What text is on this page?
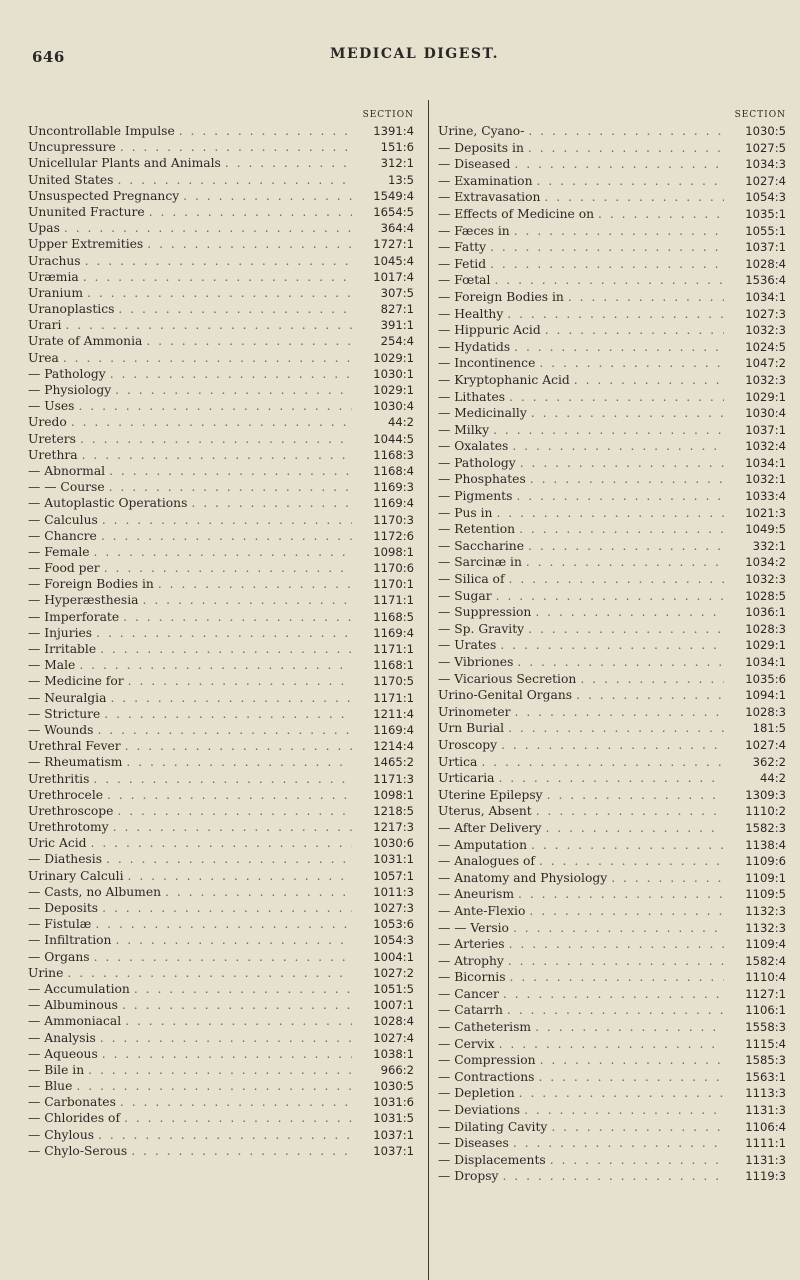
646	MEDICAL DIGEST.
SECTION
Uncontrollable Impulse . . .	1391:4
Uncupressure . . .	151:6
Unicellular Plants and Animals . . .	312:1
United States . . .	13:5
Unsuspected Pregnancy . . .	1549:4
Ununited Fracture . . .	1654:5
Upas . . .	364:4
Upper Extremities . . .	1727:1
Urachus . . .	1045:4
Uræmia . . .	1017:4
Uranium . . .	307:5
Uranoplastics . . .	827:1
Urari . . .	391:1
Urate of Ammonia . . .	254:4
Urea . . .	1029:1
— Pathology . . .	1030:1
— Physiology . . .	1029:1
— Uses . . .	1030:4
Uredo . . .	44:2
Ureters . . .	1044:5
Urethra . . .	1168:3
— Abnormal . . .	1168:4
— — Course . . .	1169:3
— Autoplastic Operations . . .	1169:4
— Calculus . . .	1170:3
— Chancre . . .	1172:6
— Female . . .	1098:1
— Food per . . .	1170:6
— Foreign Bodies in . . .	1170:1
— Hyperæsthesia . . .	1171:1
— Imperforate . . .	1168:5
— Injuries . . .	1169:4
— Irritable . . .	1171:1
— Male . . .	1168:1
— Medicine for . . .	1170:5
— Neuralgia . . .	1171:1
— Stricture . . .	1211:4
— Wounds . . .	1169:4
Urethral Fever . . .	1214:4
— Rheumatism . . .	1465:2
Urethritis . . .	1171:3
Urethrocele . . .	1098:1
Urethroscope . . .	1218:5
Urethrotomy . . .	1217:3
Uric Acid . . .	1030:6
— Diathesis . . .	1031:1
Urinary Calculi . . .	1057:1
— Casts, no Albumen . . .	1011:3
— Deposits . . .	1027:3
— Fistulæ . . .	1053:6
— Infiltration . . .	1054:3
— Organs . . .	1004:1
Urine . . .	1027:2
— Accumulation . . .	1051:5
— Albuminous . . .	1007:1
— Ammoniacal . . .	1028:4
— Analysis . . .	1027:4
— Aqueous . . .	1038:1
— Bile in . . .	966:2
— Blue . . .	1030:5
— Carbonates . . .	1031:6
— Chlorides of . . .	1031:5
— Chylous . . .	1037:1
— Chylo-Serous . . .	1037:1
SECTION
Urine, Cyano- . . .	1030:5
— Deposits in . . .	1027:5
— Diseased . . .	1034:3
— Examination . . .	1027:4
— Extravasation . . .	1054:3
— Effects of Medicine on . . .	1035:1
— Fæces in . . .	1055:1
— Fatty . . .	1037:1
— Fetid . . .	1028:4
— Fœtal . . .	1536:4
— Foreign Bodies in . . .	1034:1
— Healthy . . .	1027:3
— Hippuric Acid . . .	1032:3
— Hydatids . . .	1024:5
— Incontinence . . .	1047:2
— Kryptophanic Acid . . .	1032:3
— Lithates . . .	1029:1
— Medicinally . . .	1030:4
— Milky . . .	1037:1
— Oxalates . . .	1032:4
— Pathology . . .	1034:1
— Phosphates . . .	1032:1
— Pigments . . .	1033:4
— Pus in . . .	1021:3
— Retention . . .	1049:5
— Saccharine . . .	332:1
— Sarcinæ in . . .	1034:2
— Silica of . . .	1032:3
— Sugar . . .	1028:5
— Suppression . . .	1036:1
— Sp. Gravity . . .	1028:3
— Urates . . .	1029:1
— Vibriones . . .	1034:1
— Vicarious Secretion . . .	1035:6
Urino-Genital Organs . . .	1094:1
Urinometer . . .	1028:3
Urn Burial . . .	181:5
Uroscopy . . .	1027:4
Urtica . . .	362:2
Urticaria . . .	44:2
Uterine Epilepsy . . .	1309:3
Uterus, Absent . . .	1110:2
— After Delivery . . .	1582:3
— Amputation . . .	1138:4
— Analogues of . . .	1109:6
— Anatomy and Physiology . . .	1109:1
— Aneurism . . .	1109:5
— Ante-Flexio . . .	1132:3
— — Versio . . .	1132:3
— Arteries . . .	1109:4
— Atrophy . . .	1582:4
— Bicornis . . .	1110:4
— Cancer . . .	1127:1
— Catarrh . . .	1106:1
— Catheterism . . .	1558:3
— Cervix . . .	1115:4
— Compression . . .	1585:3
— Contractions . . .	1563:1
— Depletion . . .	1113:3
— Deviations . . .	1131:3
— Dilating Cavity . . .	1106:4
— Diseases . . .	1111:1
— Displacements . . .	1131:3
— Dropsy . . .	1119:3
